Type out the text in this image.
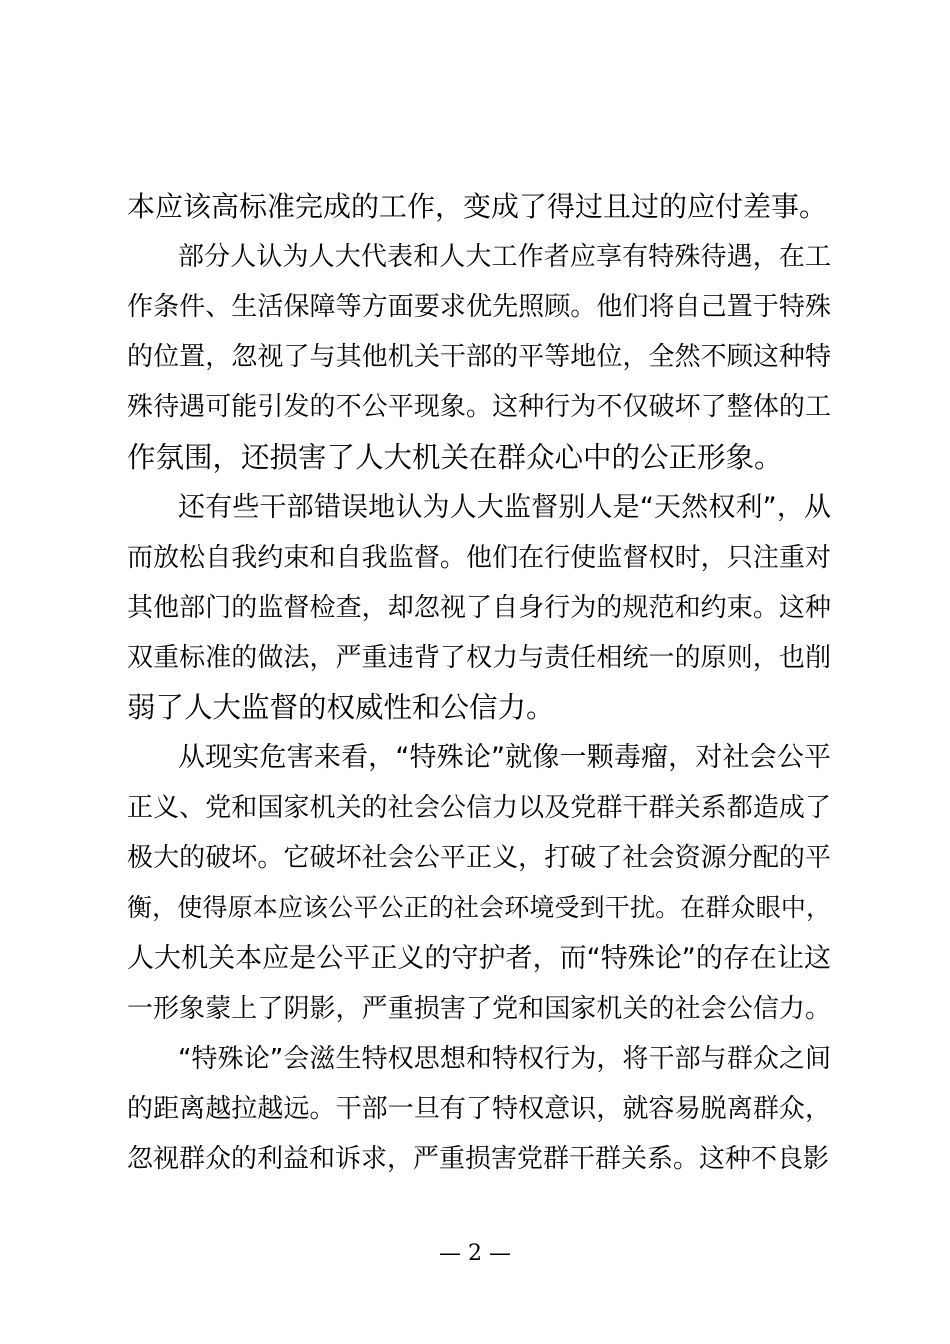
本应该高标准完成的工作，变成了得过且过的应付差事。
部分人认为人大代表和人大工作者应享有特殊待遇，在工
作条件、生活保障等方面要求优先照顾。他们将自己置于特殊
的位置，忽视了与其他机关干部的平等地位，全然不顾这种特
殊待遇可能引发的不公平现象。这种行为不仅破坏了整体的工
作氛围，还损害了人大机关在群众心中的公正形象。
还有些干部错误地认为人大监督别人是“天然权利”，从
而放松自我约束和自我监督。他们在行使监督权时，只注重对
其他部门的监督检查，却忽视了自身行为的规范和约束。这种
双重标准的做法，严重违背了权力与责任相统一的原则，也削
弱了人大监督的权威性和公信力。
从现实危害来看，“特殊论”就像一颗毒瘤，对社会公平
正义、党和国家机关的社会公信力以及党群干群关系都造成了
极大的破坏。它破坏社会公平正义，打破了社会资源分配的平
衡，使得原本应该公平公正的社会环境受到干扰。在群众眼中，
人大机关本应是公平正义的守护者，而“特殊论”的存在让这
一形象蒙上了阴影，严重损害了党和国家机关的社会公信力。
“特殊论”会滋生特权思想和特权行为，将干部与群众之间
的距离越拉越远。干部一旦有了特权意识，就容易脱离群众，
忽视群众的利益和诉求，严重损害党群干群关系。这种不良影
— 2 —
